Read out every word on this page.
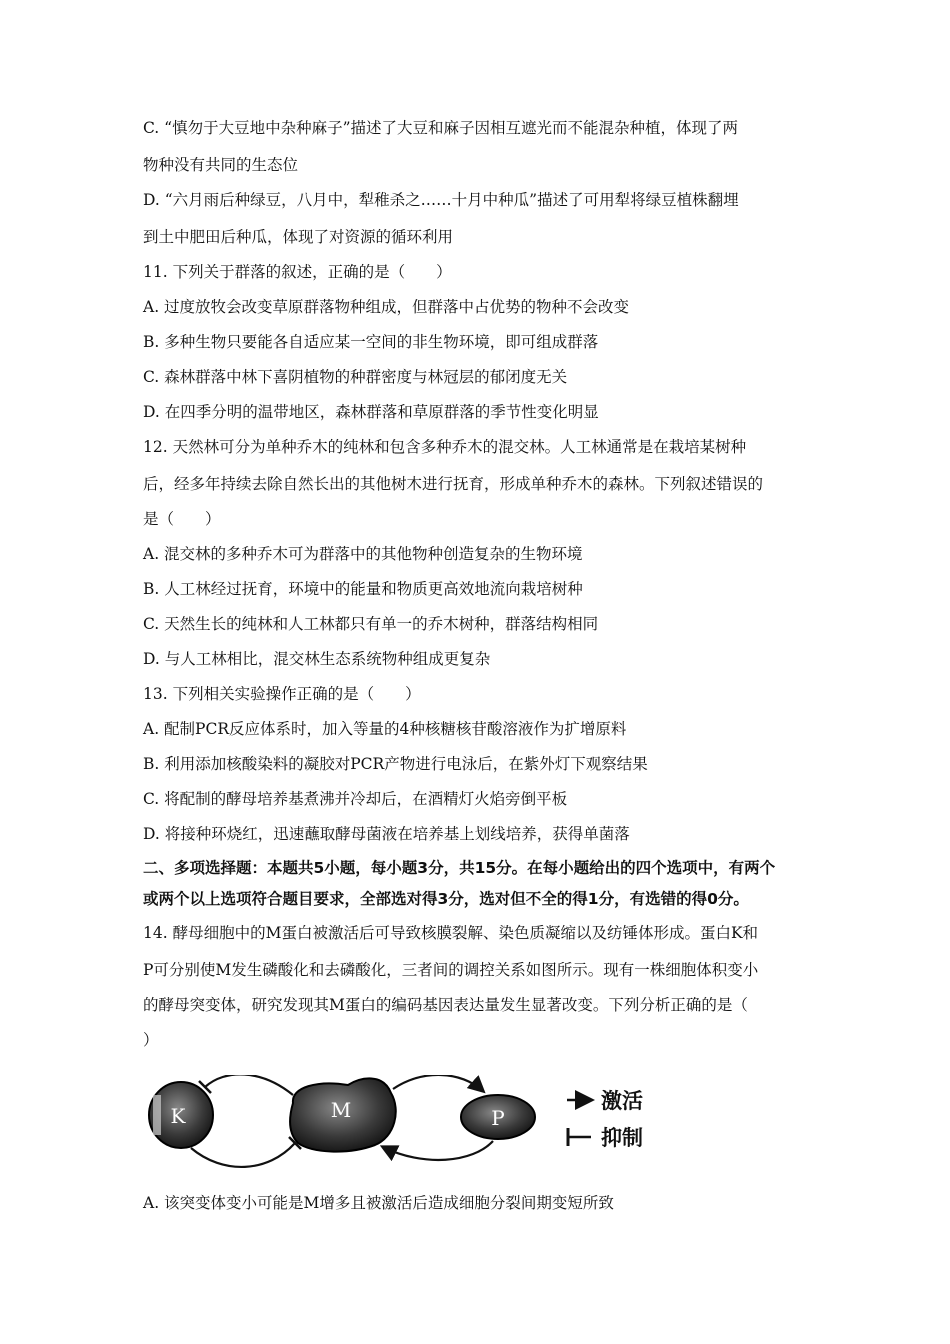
C. “慎勿于大豆地中杂种麻子”描述了大豆和麻子因相互遮光而不能混杂种植，体现了两
物种没有共同的生态位
D. “六月雨后种绿豆，八月中，犁稚杀之……十月中种瓜”描述了可用犁将绿豆植株翻埋
到土中肥田后种瓜，体现了对资源的循环利用
11. 下列关于群落的叙述，正确的是（　　）
A. 过度放牧会改变草原群落物种组成，但群落中占优势的物种不会改变
B. 多种生物只要能各自适应某一空间的非生物环境，即可组成群落
C. 森林群落中林下喜阴植物的种群密度与林冠层的郁闭度无关
D. 在四季分明的温带地区，森林群落和草原群落的季节性变化明显
12. 天然林可分为单种乔木的纯林和包含多种乔木的混交林。人工林通常是在栽培某树种
后，经多年持续去除自然长出的其他树木进行抚育，形成单种乔木的森林。下列叙述错误的
是（　　）
A. 混交林的多种乔木可为群落中的其他物种创造复杂的生物环境
B. 人工林经过抚育，环境中的能量和物质更高效地流向栽培树种
C. 天然生长的纯林和人工林都只有单一的乔木树种，群落结构相同
D. 与人工林相比，混交林生态系统物种组成更复杂
13. 下列相关实验操作正确的是（　　）
A. 配制PCR反应体系时，加入等量的4种核糖核苷酸溶液作为扩增原料
B. 利用添加核酸染料的凝胶对PCR产物进行电泳后，在紫外灯下观察结果
C. 将配制的酵母培养基煮沸并冷却后，在酒精灯火焰旁倒平板
D. 将接种环烧红，迅速蘸取酵母菌液在培养基上划线培养，获得单菌落
二、多项选择题：本题共5小题，每小题3分，共15分。在每小题给出的四个选项中，有两个
或两个以上选项符合题目要求，全部选对得3分，选对但不全的得1分，有选错的得0分。
14. 酵母细胞中的M蛋白被激活后可导致核膜裂解、染色质凝缩以及纺锤体形成。蛋白K和
P可分别使M发生磷酸化和去磷酸化，三者间的调控关系如图所示。现有一株细胞体积变小
的酵母突变体，研究发现其M蛋白的编码基因表达量发生显著改变。下列分析正确的是（
）
K	M	P
激活
抑制
A. 该突变体变小可能是M增多且被激活后造成细胞分裂间期变短所致
